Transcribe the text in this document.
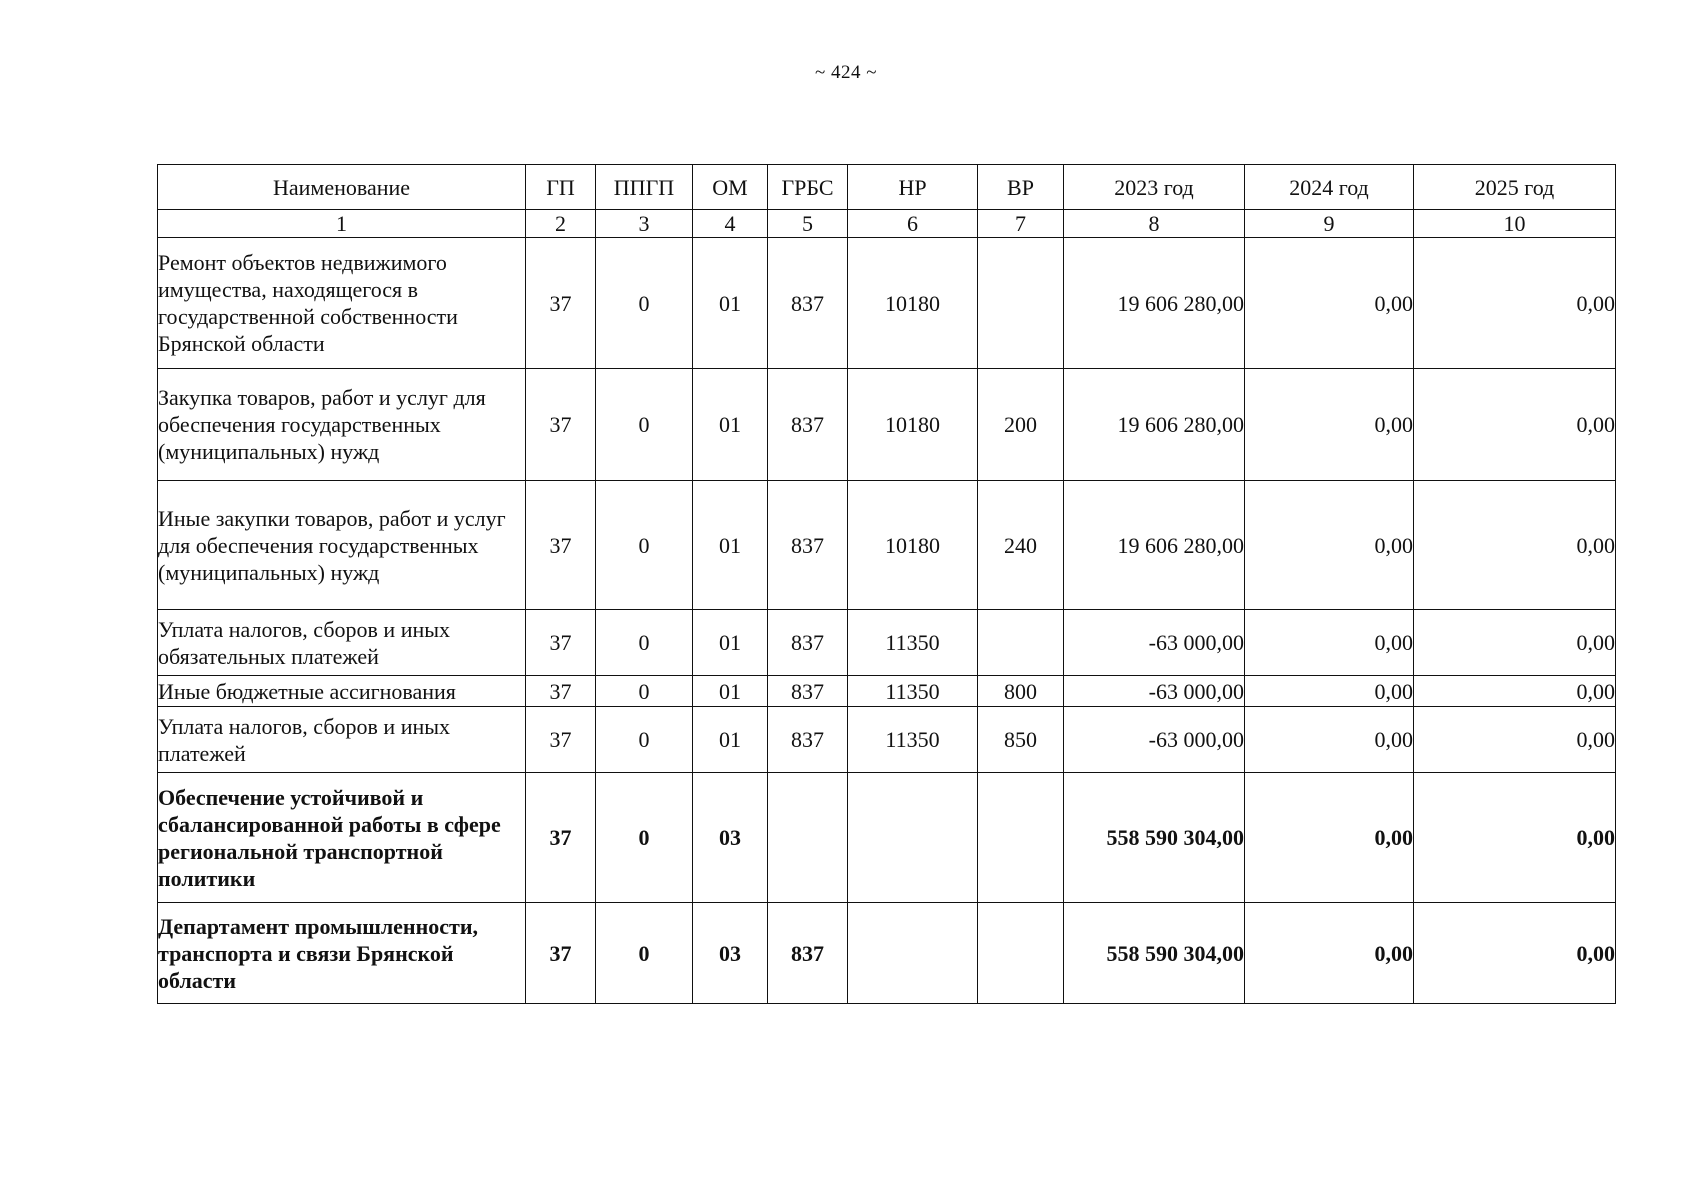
~ 424 ~
Наименование	ГП	ППГП	ОМ	ГРБС	НР	ВР	2023 год	2024 год	2025 год
1	2	3	4	5	6	7	8	9	10
Ремонт объектов недвижимого имущества, находящегося в государственной собственности Брянской области	37	0	01	837	10180		19 606 280,00	0,00	0,00
Закупка товаров, работ и услуг для обеспечения государственных (муниципальных) нужд	37	0	01	837	10180	200	19 606 280,00	0,00	0,00
Иные закупки товаров, работ и услуг для обеспечения государственных (муниципальных) нужд	37	0	01	837	10180	240	19 606 280,00	0,00	0,00
Уплата налогов, сборов и иных обязательных платежей	37	0	01	837	11350		-63 000,00	0,00	0,00
Иные бюджетные ассигнования	37	0	01	837	11350	800	-63 000,00	0,00	0,00
Уплата налогов, сборов и иных платежей	37	0	01	837	11350	850	-63 000,00	0,00	0,00
Обеспечение устойчивой и сбалансированной работы в сфере региональной транспортной политики	37	0	03				558 590 304,00	0,00	0,00
Департамент промышленности, транспорта и связи Брянской области	37	0	03	837			558 590 304,00	0,00	0,00
